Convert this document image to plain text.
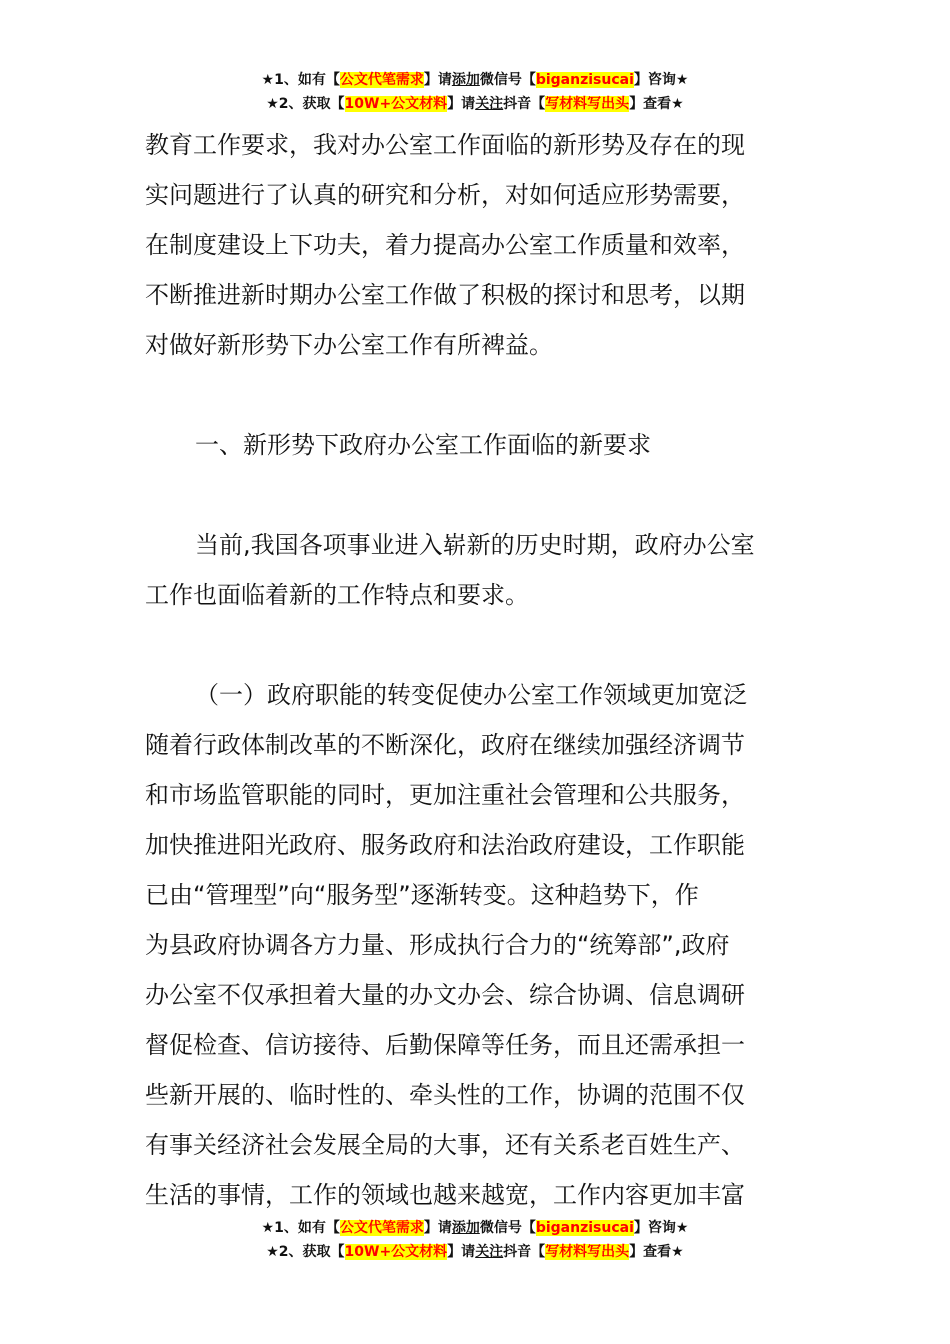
★1、如有【公文代笔需求】请添加微信号【biganzisucai】咨询★
★2、获取【10W+公文材料】请关注抖音【写材料写出头】查看★
教育工作要求，我对办公室工作面临的新形势及存在的现
实问题进行了认真的研究和分析，对如何适应形势需要，
在制度建设上下功夫，着力提高办公室工作质量和效率，
不断推进新时期办公室工作做了积极的探讨和思考，以期
对做好新形势下办公室工作有所裨益。
一、新形势下政府办公室工作面临的新要求
当前,我国各项事业进入崭新的历史时期，政府办公室
工作也面临着新的工作特点和要求。
（一）政府职能的转变促使办公室工作领域更加宽泛
随着行政体制改革的不断深化，政府在继续加强经济调节
和市场监管职能的同时，更加注重社会管理和公共服务，
加快推进阳光政府、服务政府和法治政府建设，工作职能
已由“管理型”向“服务型”逐渐转变。这种趋势下，作
为县政府协调各方力量、形成执行合力的“统筹部”,政府
办公室不仅承担着大量的办文办会、综合协调、信息调研
督促检查、信访接待、后勤保障等任务，而且还需承担一
些新开展的、临时性的、牵头性的工作，协调的范围不仅
有事关经济社会发展全局的大事，还有关系老百姓生产、
生活的事情，工作的领域也越来越宽，工作内容更加丰富
★1、如有【公文代笔需求】请添加微信号【biganzisucai】咨询★
★2、获取【10W+公文材料】请关注抖音【写材料写出头】查看★
